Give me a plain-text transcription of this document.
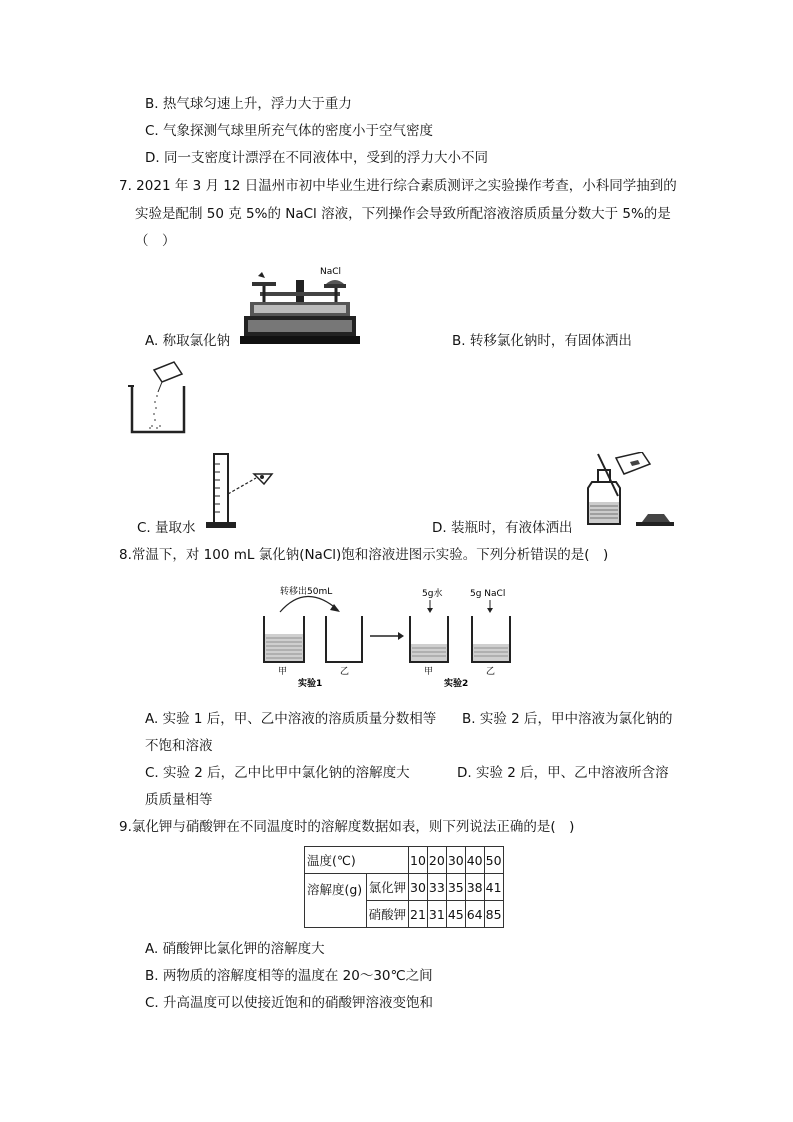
B. 热气球匀速上升，浮力大于重力
C. 气象探测气球里所充气体的密度小于空气密度
D. 同一支密度计漂浮在不同液体中，受到的浮力大小不同
7. 2021 年 3 月 12 日温州市初中毕业生进行综合素质测评之实验操作考查，小科同学抽到的
实验是配制 50 克 5%的 NaCl 溶液，下列操作会导致所配溶液溶质质量分数大于 5%的是
（　）
NaCl
A. 称取氯化钠	B. 转移氯化钠时，有固体洒出
C. 量取水	D. 装瓶时，有液体洒出
8.常温下，对 100 mL 氯化钠(NaCl)饱和溶液进图示实验。下列分析错误的是(　)
转移出50mL
甲	乙
实验1
5g水	5g NaCl
甲	乙
实验2
A. 实验 1 后，甲、乙中溶液的溶质质量分数相等 B. 实验 2 后，甲中溶液为氯化钠的
不饱和溶液
C. 实验 2 后，乙中比甲中氯化钠的溶解度大	D. 实验 2 后，甲、乙中溶液所含溶
质质量相等
9.氯化钾与硝酸钾在不同温度时的溶解度数据如表，则下列说法正确的是(　)
温度(℃)		10	20	30	40	50
溶解度(g)	氯化钾	30	33	35	38	41
	硝酸钾	21	31	45	64	85
A. 硝酸钾比氯化钾的溶解度大
B. 两物质的溶解度相等的温度在 20～30℃之间
C. 升高温度可以使接近饱和的硝酸钾溶液变饱和
